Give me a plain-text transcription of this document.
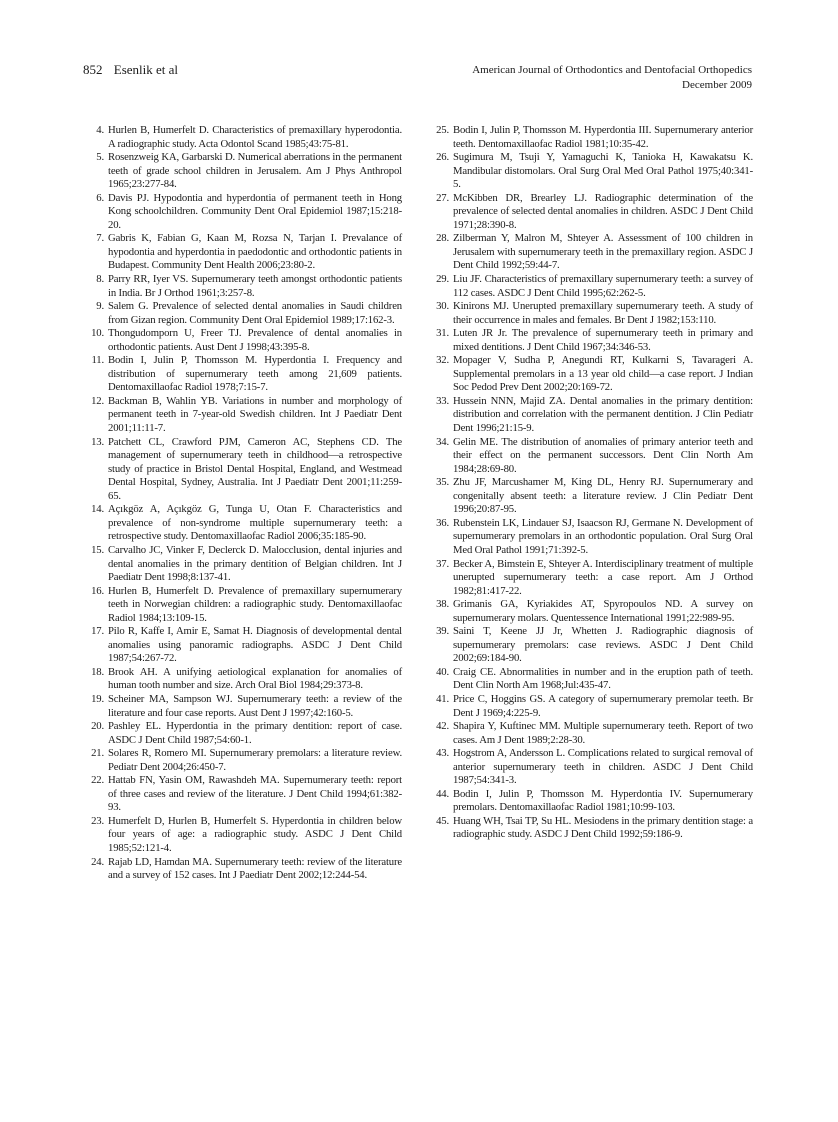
852 Esenlik et al	American Journal of Orthodontics and Dentofacial Orthopedics
December 2009
4. Hurlen B, Humerfelt D. Characteristics of premaxillary hyperodontia. A radiographic study. Acta Odontol Scand 1985;43:75-81.
5. Rosenzweig KA, Garbarski D. Numerical aberrations in the permanent teeth of grade school children in Jerusalem. Am J Phys Anthropol 1965;23:277-84.
6. Davis PJ. Hypodontia and hyperdontia of permanent teeth in Hong Kong schoolchildren. Community Dent Oral Epidemiol 1987;15:218-20.
7. Gabris K, Fabian G, Kaan M, Rozsa N, Tarjan I. Prevalance of hypodontia and hyperdontia in paedodontic and orthodontic patients in Budapest. Community Dent Health 2006;23:80-2.
8. Parry RR, Iyer VS. Supernumerary teeth amongst orthodontic patients in India. Br J Orthod 1961;3:257-8.
9. Salem G. Prevalence of selected dental anomalies in Saudi children from Gizan region. Community Dent Oral Epidemiol 1989;17:162-3.
10. Thongudomporn U, Freer TJ. Prevalence of dental anomalies in orthodontic patients. Aust Dent J 1998;43:395-8.
11. Bodin I, Julin P, Thomsson M. Hyperdontia I. Frequency and distribution of supernumerary teeth among 21,609 patients. Dentomaxillaofac Radiol 1978;7:15-7.
12. Backman B, Wahlin YB. Variations in number and morphology of permanent teeth in 7-year-old Swedish children. Int J Paediatr Dent 2001;11:11-7.
13. Patchett CL, Crawford PJM, Cameron AC, Stephens CD. The management of supernumerary teeth in childhood—a retrospective study of practice in Bristol Dental Hospital, England, and Westmead Dental Hospital, Sydney, Australia. Int J Paediatr Dent 2001;11:259-65.
14. Açıkgöz A, Açıkgöz G, Tunga U, Otan F. Characteristics and prevalence of non-syndrome multiple supernumerary teeth: a retrospective study. Dentomaxillaofac Radiol 2006;35:185-90.
15. Carvalho JC, Vinker F, Declerck D. Malocclusion, dental injuries and dental anomalies in the primary dentition of Belgian children. Int J Paediatr Dent 1998;8:137-41.
16. Hurlen B, Humerfelt D. Prevalence of premaxillary supernumerary teeth in Norwegian children: a radiographic study. Dentomaxillaofac Radiol 1984;13:109-15.
17. Pilo R, Kaffe I, Amir E, Samat H. Diagnosis of developmental dental anomalies using panoramic radiographs. ASDC J Dent Child 1987;54:267-72.
18. Brook AH. A unifying aetiological explanation for anomalies of human tooth number and size. Arch Oral Biol 1984;29:373-8.
19. Scheiner MA, Sampson WJ. Supernumerary teeth: a review of the literature and four case reports. Aust Dent J 1997;42:160-5.
20. Pashley EL. Hyperdontia in the primary dentition: report of case. ASDC J Dent Child 1987;54:60-1.
21. Solares R, Romero MI. Supernumerary premolars: a literature review. Pediatr Dent 2004;26:450-7.
22. Hattab FN, Yasin OM, Rawashdeh MA. Supernumerary teeth: report of three cases and review of the literature. J Dent Child 1994;61:382-93.
23. Humerfelt D, Hurlen B, Humerfelt S. Hyperdontia in children below four years of age: a radiographic study. ASDC J Dent Child 1985;52:121-4.
24. Rajab LD, Hamdan MA. Supernumerary teeth: review of the literature and a survey of 152 cases. Int J Paediatr Dent 2002;12:244-54.
25. Bodin I, Julin P, Thomsson M. Hyperdontia III. Supernumerary anterior teeth. Dentomaxillaofac Radiol 1981;10:35-42.
26. Sugimura M, Tsuji Y, Yamaguchi K, Tanioka H, Kawakatsu K. Mandibular distomolars. Oral Surg Oral Med Oral Pathol 1975;40:341-5.
27. McKibben DR, Brearley LJ. Radiographic determination of the prevalence of selected dental anomalies in children. ASDC J Dent Child 1971;28:390-8.
28. Zilberman Y, Malron M, Shteyer A. Assessment of 100 children in Jerusalem with supernumerary teeth in the premaxillary region. ASDC J Dent Child 1992;59:44-7.
29. Liu JF. Characteristics of premaxillary supernumerary teeth: a survey of 112 cases. ASDC J Dent Child 1995;62:262-5.
30. Kinirons MJ. Unerupted premaxillary supernumerary teeth. A study of their occurrence in males and females. Br Dent J 1982;153:110.
31. Luten JR Jr. The prevalence of supernumerary teeth in primary and mixed dentitions. J Dent Child 1967;34:346-53.
32. Mopager V, Sudha P, Anegundi RT, Kulkarni S, Tavarageri A. Supplemental premolars in a 13 year old child—a case report. J Indian Soc Pedod Prev Dent 2002;20:169-72.
33. Hussein NNN, Majid ZA. Dental anomalies in the primary dentition: distribution and correlation with the permanent dentition. J Clin Pediatr Dent 1996;21:15-9.
34. Gelin ME. The distribution of anomalies of primary anterior teeth and their effect on the permanent successors. Dent Clin North Am 1984;28:69-80.
35. Zhu JF, Marcushamer M, King DL, Henry RJ. Supernumerary and congenitally absent teeth: a literature review. J Clin Pediatr Dent 1996;20:87-95.
36. Rubenstein LK, Lindauer SJ, Isaacson RJ, Germane N. Development of supernumerary premolars in an orthodontic population. Oral Surg Oral Med Oral Pathol 1991;71:392-5.
37. Becker A, Bimstein E, Shteyer A. Interdisciplinary treatment of multiple unerupted supernumerary teeth: a case report. Am J Orthod 1982;81:417-22.
38. Grimanis GA, Kyriakides AT, Spyropoulos ND. A survey on supernumerary molars. Quentessence International 1991;22:989-95.
39. Saini T, Keene JJ Jr, Whetten J. Radiographic diagnosis of supernumerary premolars: case reviews. ASDC J Dent Child 2002;69:184-90.
40. Craig CE. Abnormalities in number and in the eruption path of teeth. Dent Clin North Am 1968;Jul:435-47.
41. Price C, Hoggins GS. A category of supernumerary premolar teeth. Br Dent J 1969;4:225-9.
42. Shapira Y, Kuftinec MM. Multiple supernumerary teeth. Report of two cases. Am J Dent 1989;2:28-30.
43. Hogstrom A, Andersson L. Complications related to surgical removal of anterior supernumerary teeth in children. ASDC J Dent Child 1987;54:341-3.
44. Bodin I, Julin P, Thomsson M. Hyperdontia IV. Supernumerary premolars. Dentomaxillaofac Radiol 1981;10:99-103.
45. Huang WH, Tsai TP, Su HL. Mesiodens in the primary dentition stage: a radiographic study. ASDC J Dent Child 1992;59:186-9.
